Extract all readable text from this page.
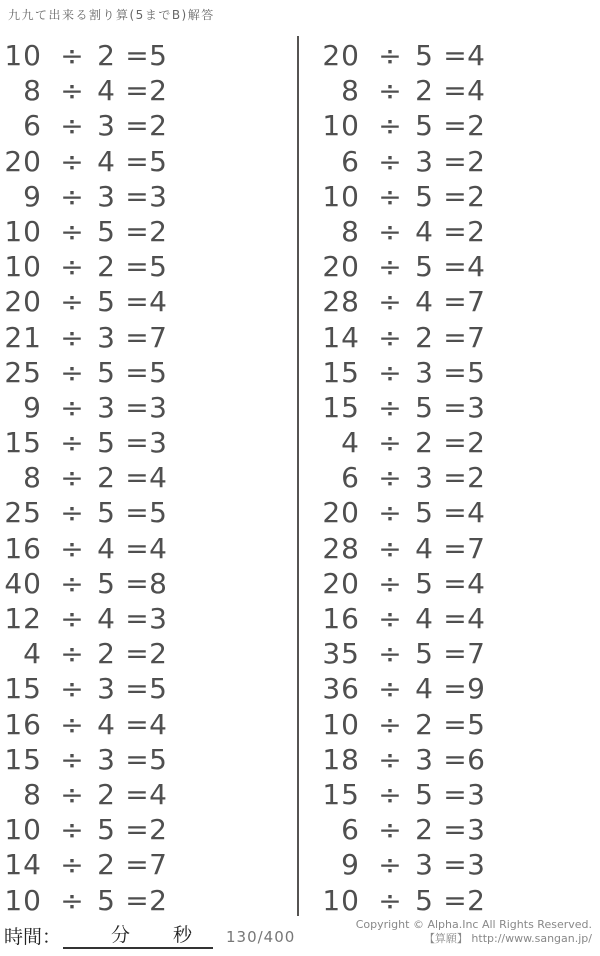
九九て出来る割り算(5までB)解答
10 ÷ 2 = 5
8 ÷ 4 = 2
6 ÷ 3 = 2
20 ÷ 4 = 5
9 ÷ 3 = 3
10 ÷ 5 = 2
10 ÷ 2 = 5
20 ÷ 5 = 4
21 ÷ 3 = 7
25 ÷ 5 = 5
9 ÷ 3 = 3
15 ÷ 5 = 3
8 ÷ 2 = 4
25 ÷ 5 = 5
16 ÷ 4 = 4
40 ÷ 5 = 8
12 ÷ 4 = 3
4 ÷ 2 = 2
15 ÷ 3 = 5
16 ÷ 4 = 4
15 ÷ 3 = 5
8 ÷ 2 = 4
10 ÷ 5 = 2
14 ÷ 2 = 7
10 ÷ 5 = 2
20 ÷ 5 = 4
8 ÷ 2 = 4
10 ÷ 5 = 2
6 ÷ 3 = 2
10 ÷ 5 = 2
8 ÷ 4 = 2
20 ÷ 5 = 4
28 ÷ 4 = 7
14 ÷ 2 = 7
15 ÷ 3 = 5
15 ÷ 5 = 3
4 ÷ 2 = 2
6 ÷ 3 = 2
20 ÷ 5 = 4
28 ÷ 4 = 7
20 ÷ 5 = 4
16 ÷ 4 = 4
35 ÷ 5 = 7
36 ÷ 4 = 9
10 ÷ 2 = 5
18 ÷ 3 = 6
15 ÷ 5 = 3
6 ÷ 2 = 3
9 ÷ 3 = 3
10 ÷ 5 = 2
時間：	分 秒 130/400
Copyright © Alpha.Inc All Rights Reserved.
【算願】 http://www.sangan.jp/
